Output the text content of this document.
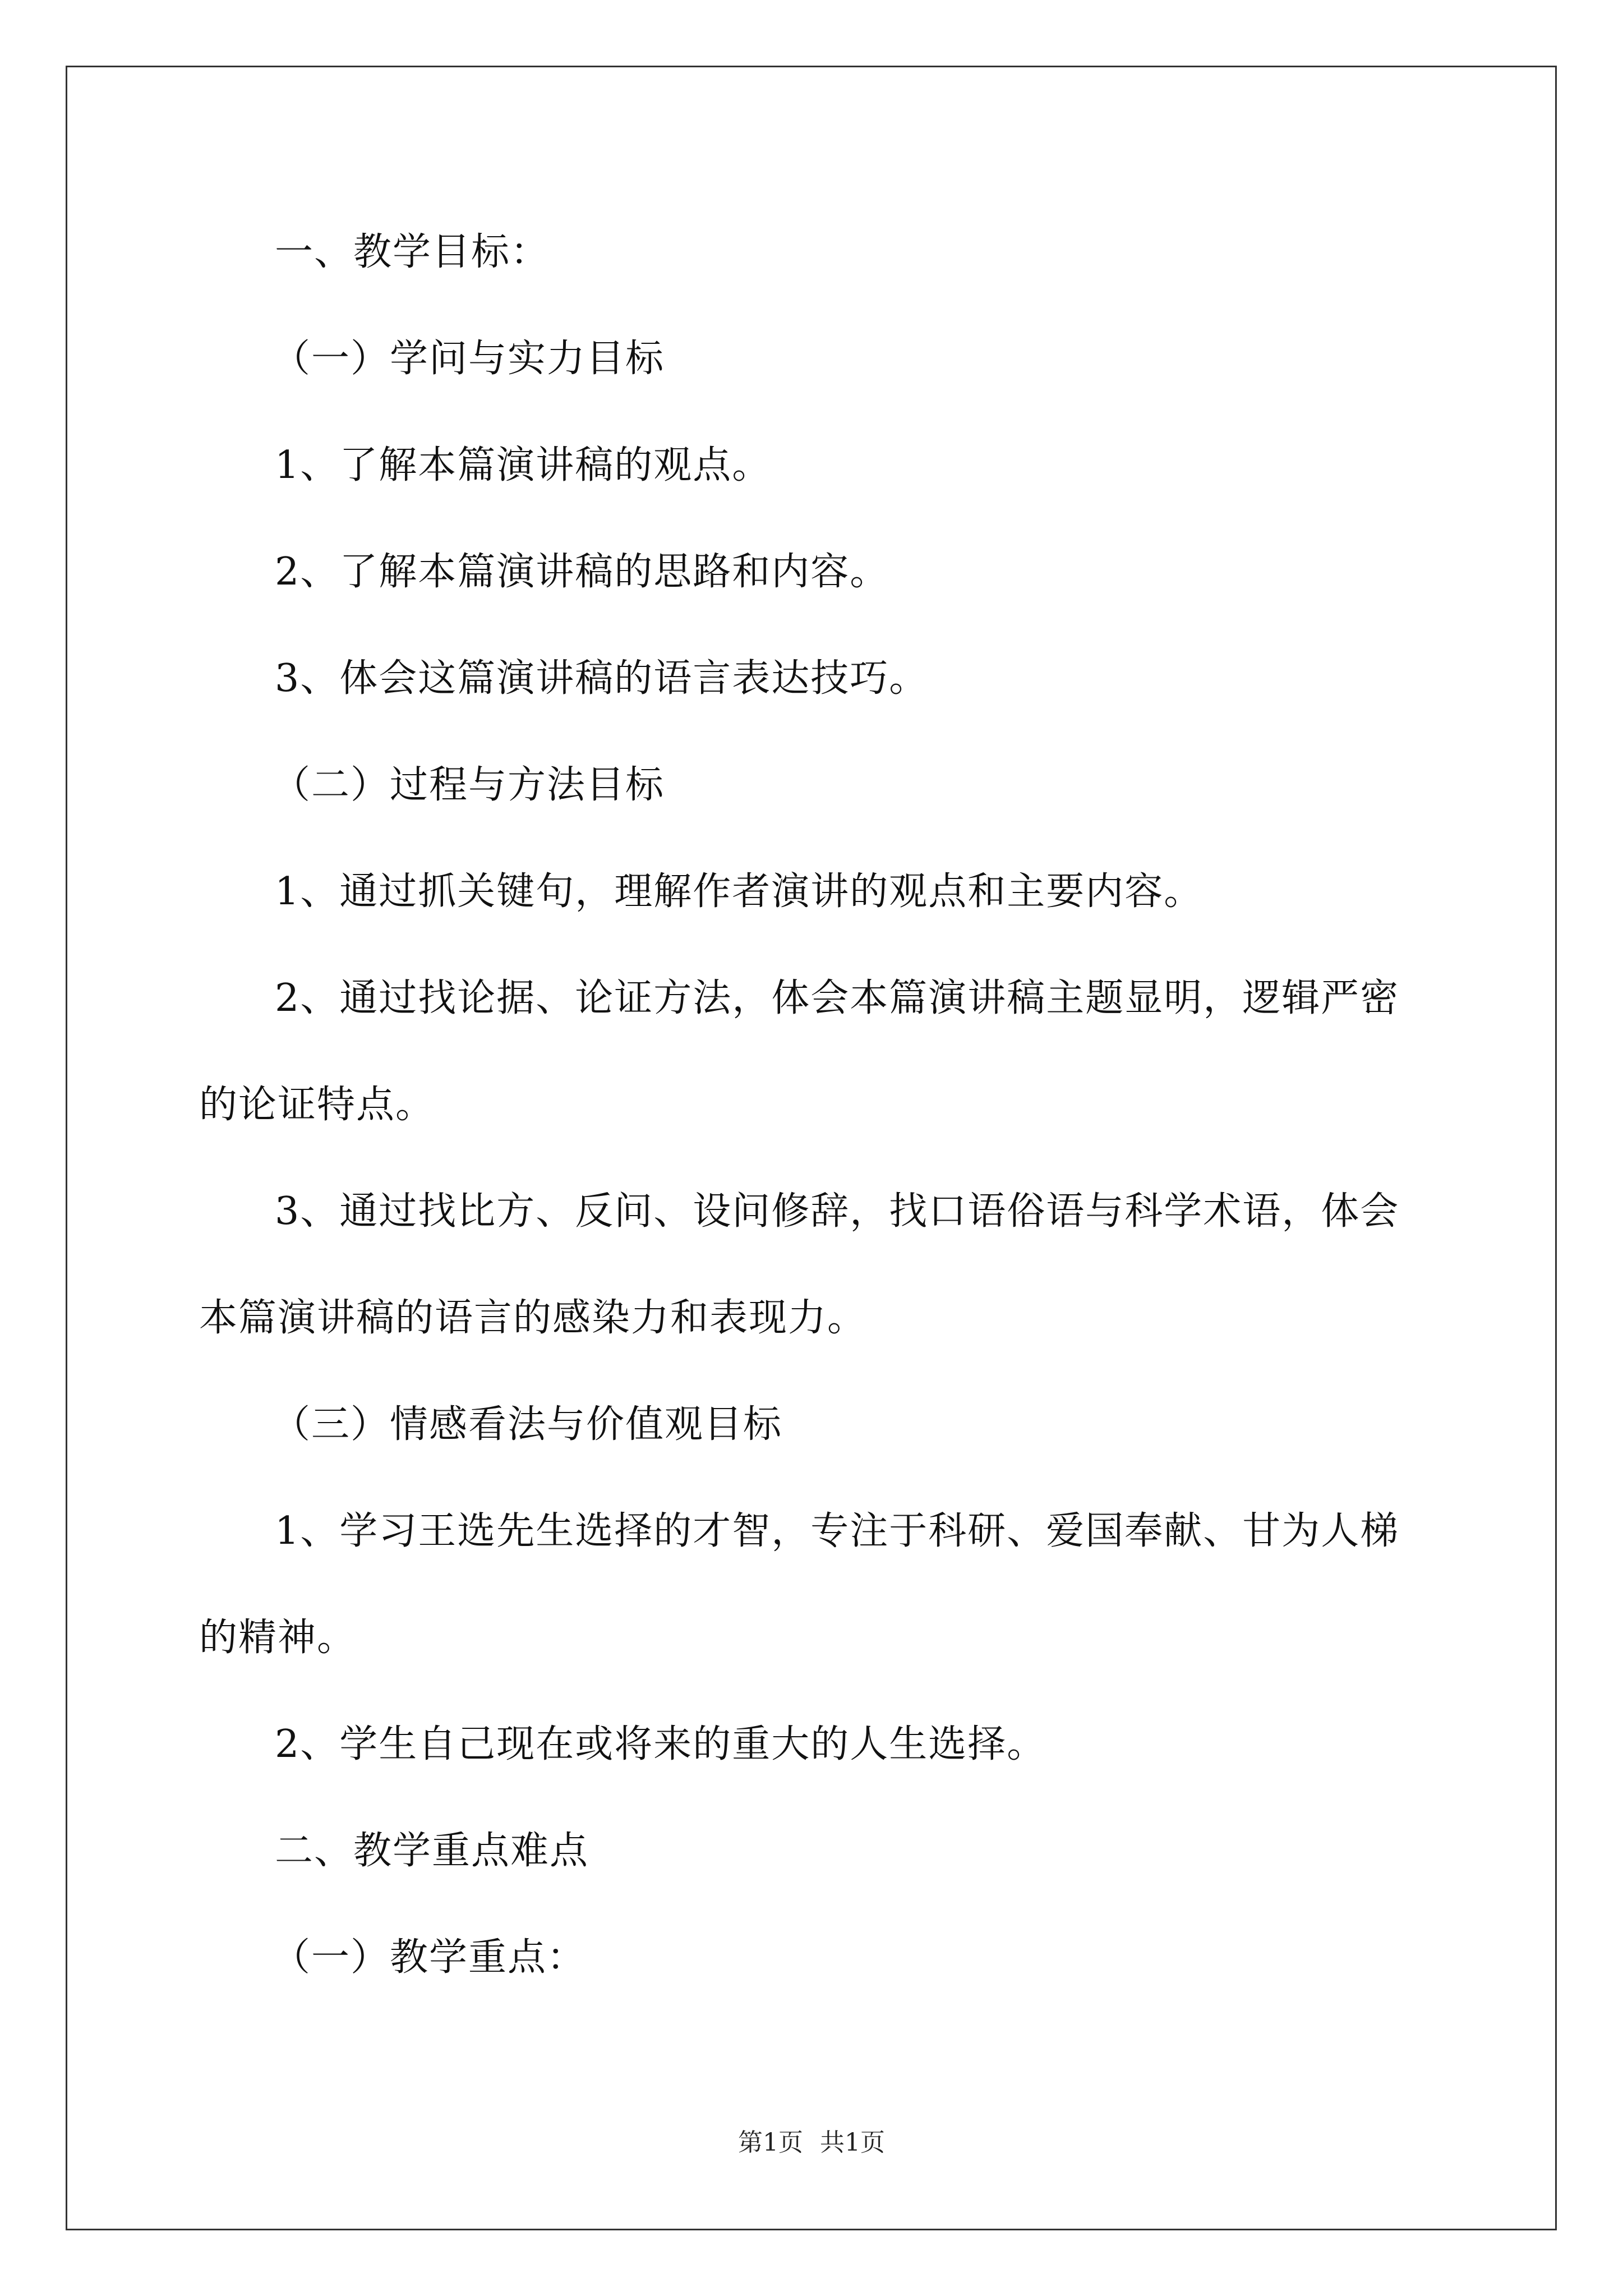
一、教学目标：
（一）学问与实力目标
1、了解本篇演讲稿的观点。
2、了解本篇演讲稿的思路和内容。
3、体会这篇演讲稿的语言表达技巧。
（二）过程与方法目标
1、通过抓关键句，理解作者演讲的观点和主要内容。
2、通过找论据、论证方法，体会本篇演讲稿主题显明，逻辑严密
的论证特点。
3、通过找比方、反问、设问修辞，找口语俗语与科学术语，体会
本篇演讲稿的语言的感染力和表现力。
（三）情感看法与价值观目标
1、学习王选先生选择的才智，专注于科研、爱国奉献、甘为人梯
的精神。
2、学生自己现在或将来的重大的人生选择。
二、教学重点难点
（一）教学重点：
第1页 共1页
